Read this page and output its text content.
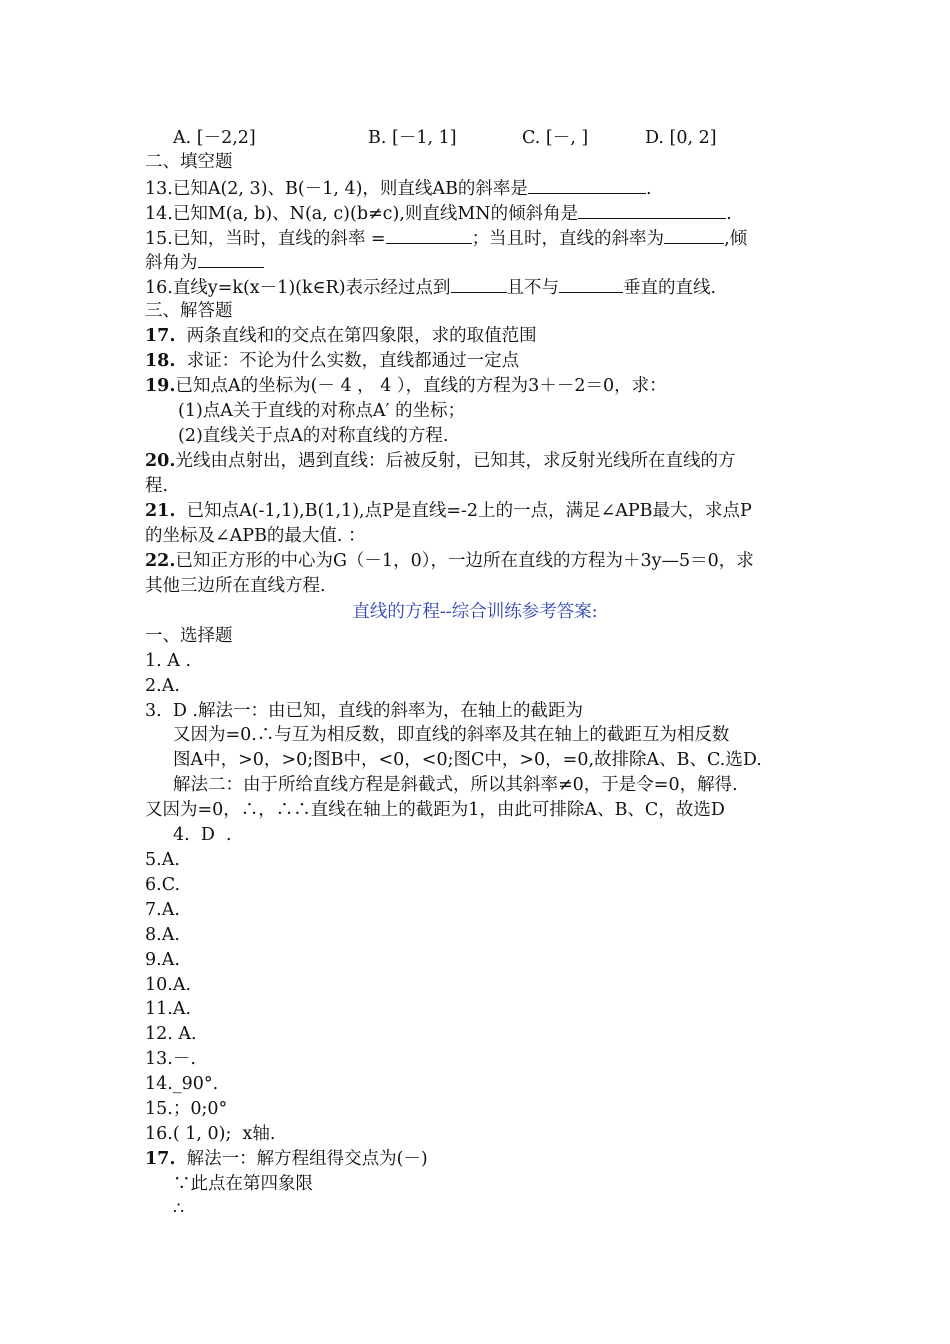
A. [－2,2]	B. [－1, 1]	C. [－, ]	D. [0, 2]
二、填空题
13.已知A(2, 3)、B(－1, 4)，则直线AB的斜率是	.
14.已知M(a, b)、N(a, c)(b≠c),则直线MN的倾斜角是	.
15.已知，当时，直线的斜率 =	；当且时，直线的斜率为	,倾
斜角为
16.直线y=k(x－1)(k∈R)表示经过点到	且不与	垂直的直线.
三、解答题
17.  两条直线和的交点在第四象限，求的取值范围
18.  求证：不论为什么实数，直线都通过一定点
19.已知点A的坐标为(－ 4 ， 4 ），直线的方程为3＋－2＝0，求：
(1)点A关于直线的对称点A′ 的坐标；
(2)直线关于点A的对称直线的方程.
20.光线由点射出，遇到直线：后被反射，已知其，求反射光线所在直线的方
程.
21.  已知点A(-1,1),B(1,1),点P是直线=-2上的一点，满足∠APB最大，求点P
的坐标及∠APB的最大值. ：
22.已知正方形的中心为G（－1，0），一边所在直线的方程为＋3y—5＝0，求
其他三边所在直线方程.
直线的方程--综合训练参考答案:
一、选择题
1. A .
2.A.
3.  D .解法一：由已知，直线的斜率为，在轴上的截距为
又因为=0.∴与互为相反数，即直线的斜率及其在轴上的截距互为相反数
图A中，>0，>0;图B中，<0，<0;图C中，>0，=0,故排除A、B、C.选D.
解法二：由于所给直线方程是斜截式，所以其斜率≠0，于是令=0，解得.
又因为=0，∴，∴∴直线在轴上的截距为1，由此可排除A、B、C，故选D
4.  D  .
5.A.
6.C.
7.A.
8.A.
9.A.
10.A.
11.A.
12. A.
13.－.
14._90°.
15.；0;0°
16.( 1, 0);  x轴.
17.  解法一：解方程组得交点为(－)
∵此点在第四象限
∴
